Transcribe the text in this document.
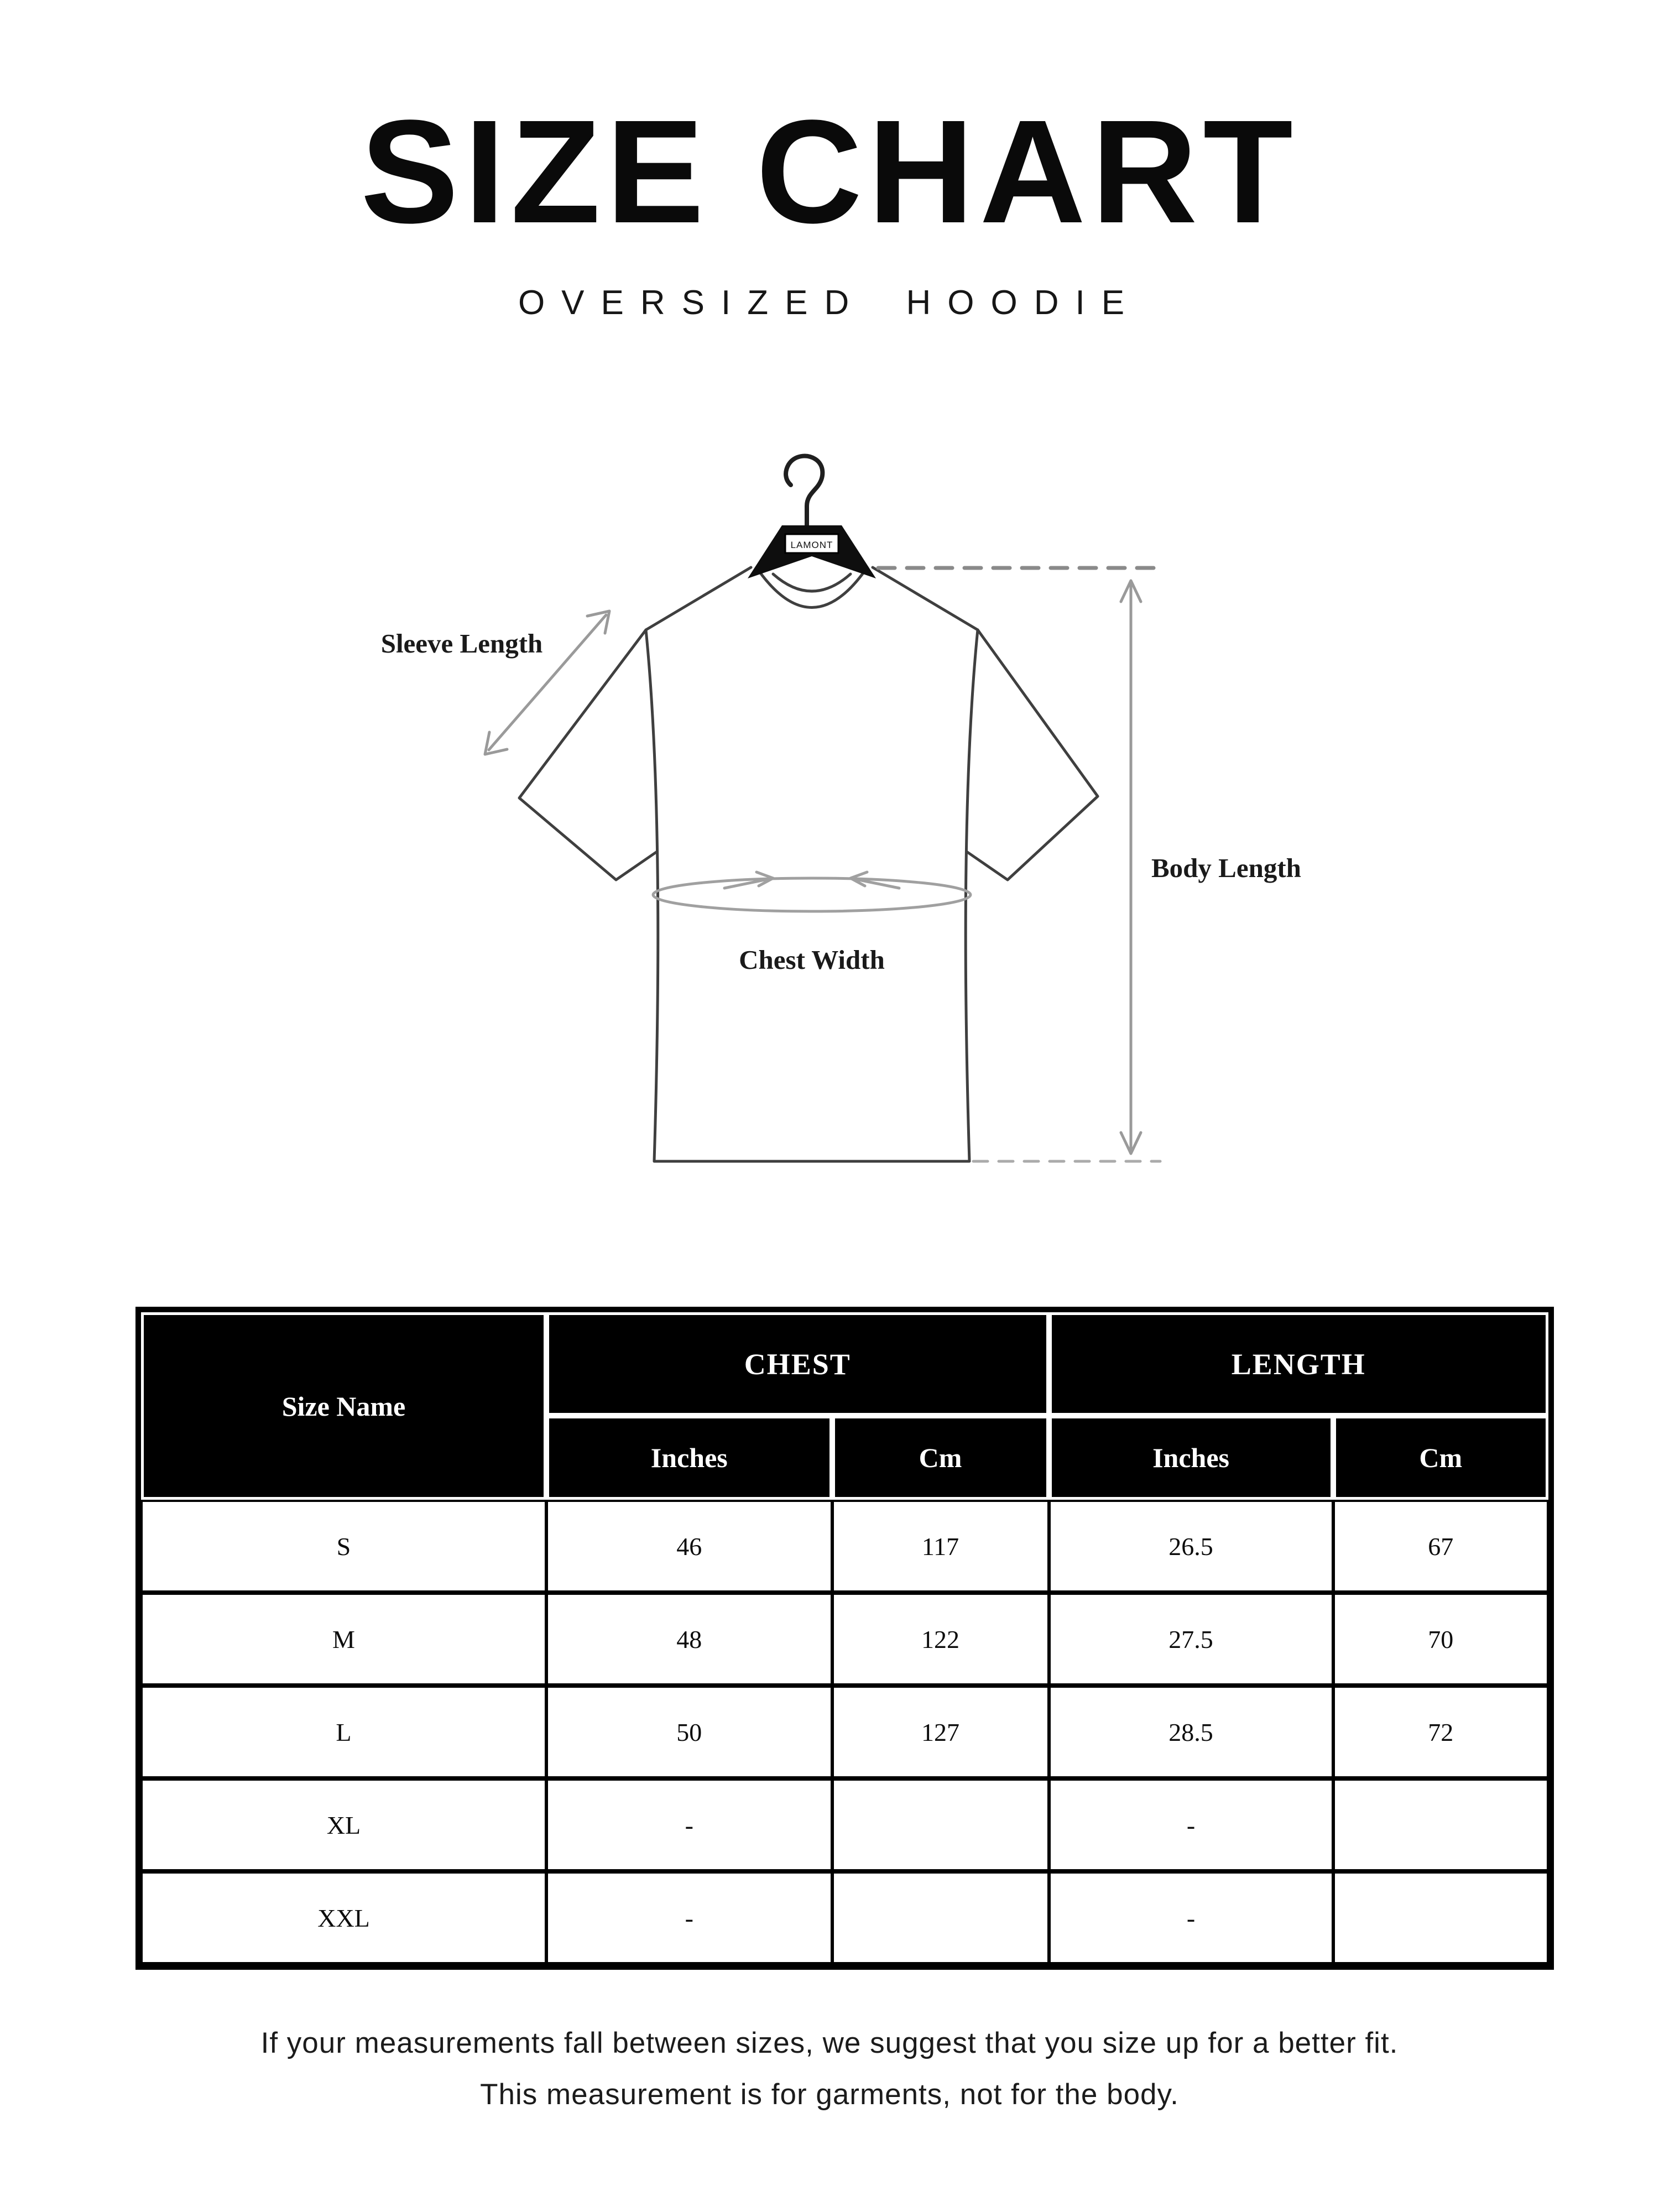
SIZE CHART
OVERSIZED HOODIE
LAMONT
Sleeve Length
Body Length
Chest Width
Size Name	CHEST		LENGTH	
	Inches	Cm	Inches	Cm
S	46	117	26.5	67
M	48	122	27.5	70
L	50	127	28.5	72
XL	-		-	
XXL	-		-	
If your measurements fall between sizes, we suggest that you size up for a better fit.
This measurement is for garments, not for the body.
